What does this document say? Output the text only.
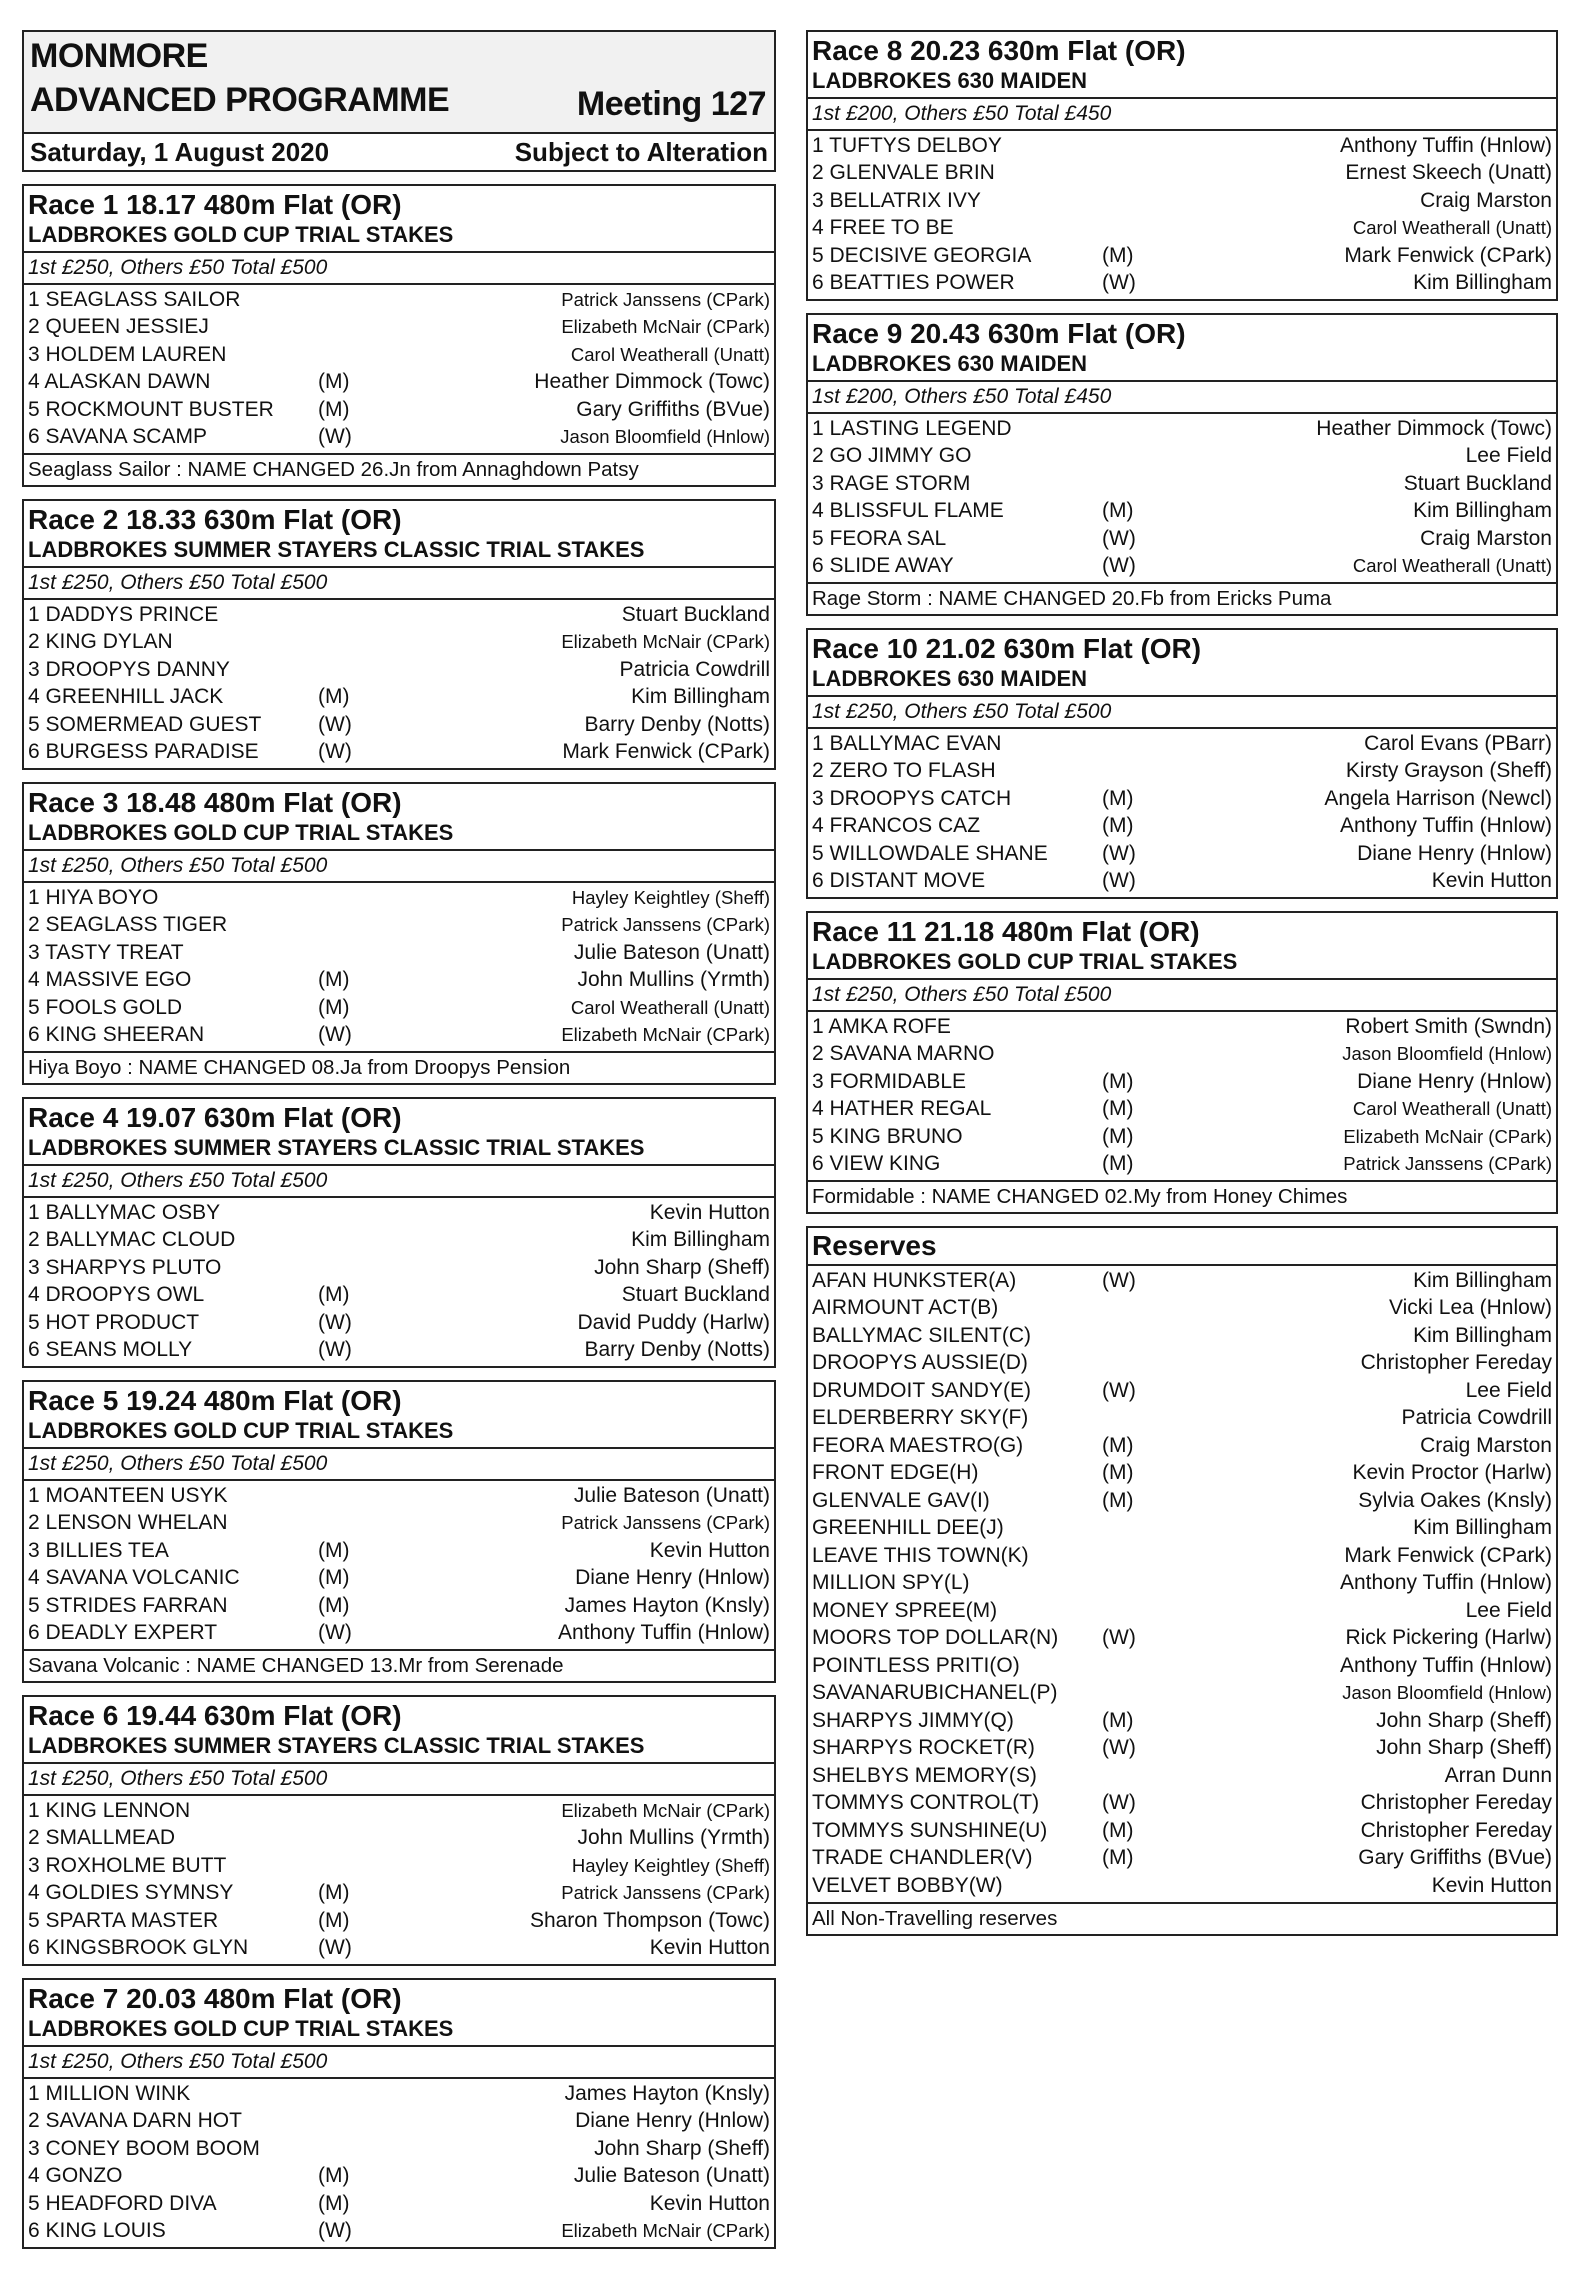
MONMORE
ADVANCED PROGRAMME	Meeting 127
Saturday, 1 August 2020	Subject to Alteration
Race 1 18.17 480m Flat (OR)
LADBROKES GOLD CUP TRIAL STAKES
1st £250, Others £50 Total £500
1 SEAGLASS SAILOR	Patrick Janssens (CPark)
2 QUEEN JESSIEJ	Elizabeth McNair (CPark)
3 HOLDEM LAUREN	Carol Weatherall (Unatt)
4 ALASKAN DAWN	(M)	Heather Dimmock (Towc)
5 ROCKMOUNT BUSTER	(M)	Gary Griffiths (BVue)
6 SAVANA SCAMP	(W)	Jason Bloomfield (Hnlow)
Seaglass Sailor : NAME CHANGED 26.Jn from Annaghdown Patsy
Race 2 18.33 630m Flat (OR)
LADBROKES SUMMER STAYERS CLASSIC TRIAL STAKES
1st £250, Others £50 Total £500
1 DADDYS PRINCE	Stuart Buckland
2 KING DYLAN	Elizabeth McNair (CPark)
3 DROOPYS DANNY	Patricia Cowdrill
4 GREENHILL JACK	(M)	Kim Billingham
5 SOMERMEAD GUEST	(W)	Barry Denby (Notts)
6 BURGESS PARADISE	(W)	Mark Fenwick (CPark)
Race 3 18.48 480m Flat (OR)
LADBROKES GOLD CUP TRIAL STAKES
1st £250, Others £50 Total £500
1 HIYA BOYO	Hayley Keightley (Sheff)
2 SEAGLASS TIGER	Patrick Janssens (CPark)
3 TASTY TREAT	Julie Bateson (Unatt)
4 MASSIVE EGO	(M)	John Mullins (Yrmth)
5 FOOLS GOLD	(M)	Carol Weatherall (Unatt)
6 KING SHEERAN	(W)	Elizabeth McNair (CPark)
Hiya Boyo : NAME CHANGED 08.Ja from Droopys Pension
Race 4 19.07 630m Flat (OR)
LADBROKES SUMMER STAYERS CLASSIC TRIAL STAKES
1st £250, Others £50 Total £500
1 BALLYMAC OSBY	Kevin Hutton
2 BALLYMAC CLOUD	Kim Billingham
3 SHARPYS PLUTO	John Sharp (Sheff)
4 DROOPYS OWL	(M)	Stuart Buckland
5 HOT PRODUCT	(W)	David Puddy (Harlw)
6 SEANS MOLLY	(W)	Barry Denby (Notts)
Race 5 19.24 480m Flat (OR)
LADBROKES GOLD CUP TRIAL STAKES
1st £250, Others £50 Total £500
1 MOANTEEN USYK	Julie Bateson (Unatt)
2 LENSON WHELAN	Patrick Janssens (CPark)
3 BILLIES TEA	(M)	Kevin Hutton
4 SAVANA VOLCANIC	(M)	Diane Henry (Hnlow)
5 STRIDES FARRAN	(M)	James Hayton (Knsly)
6 DEADLY EXPERT	(W)	Anthony Tuffin (Hnlow)
Savana Volcanic : NAME CHANGED 13.Mr from Serenade
Race 6 19.44 630m Flat (OR)
LADBROKES SUMMER STAYERS CLASSIC TRIAL STAKES
1st £250, Others £50 Total £500
1 KING LENNON	Elizabeth McNair (CPark)
2 SMALLMEAD	John Mullins (Yrmth)
3 ROXHOLME BUTT	Hayley Keightley (Sheff)
4 GOLDIES SYMNSY	(M)	Patrick Janssens (CPark)
5 SPARTA MASTER	(M)	Sharon Thompson (Towc)
6 KINGSBROOK GLYN	(W)	Kevin Hutton
Race 7 20.03 480m Flat (OR)
LADBROKES GOLD CUP TRIAL STAKES
1st £250, Others £50 Total £500
1 MILLION WINK	James Hayton (Knsly)
2 SAVANA DARN HOT	Diane Henry (Hnlow)
3 CONEY BOOM BOOM	John Sharp (Sheff)
4 GONZO	(M)	Julie Bateson (Unatt)
5 HEADFORD DIVA	(M)	Kevin Hutton
6 KING LOUIS	(W)	Elizabeth McNair (CPark)
Race 8 20.23 630m Flat (OR)
LADBROKES 630 MAIDEN
1st £200, Others £50 Total £450
1 TUFTYS DELBOY	Anthony Tuffin (Hnlow)
2 GLENVALE BRIN	Ernest Skeech (Unatt)
3 BELLATRIX IVY	Craig Marston
4 FREE TO BE	Carol Weatherall (Unatt)
5 DECISIVE GEORGIA	(M)	Mark Fenwick (CPark)
6 BEATTIES POWER	(W)	Kim Billingham
Race 9 20.43 630m Flat (OR)
LADBROKES 630 MAIDEN
1st £200, Others £50 Total £450
1 LASTING LEGEND	Heather Dimmock (Towc)
2 GO JIMMY GO	Lee Field
3 RAGE STORM	Stuart Buckland
4 BLISSFUL FLAME	(M)	Kim Billingham
5 FEORA SAL	(W)	Craig Marston
6 SLIDE AWAY	(W)	Carol Weatherall (Unatt)
Rage Storm : NAME CHANGED 20.Fb from Ericks Puma
Race 10 21.02 630m Flat (OR)
LADBROKES 630 MAIDEN
1st £250, Others £50 Total £500
1 BALLYMAC EVAN	Carol Evans (PBarr)
2 ZERO TO FLASH	Kirsty Grayson (Sheff)
3 DROOPYS CATCH	(M)	Angela Harrison (Newcl)
4 FRANCOS CAZ	(M)	Anthony Tuffin (Hnlow)
5 WILLOWDALE SHANE	(W)	Diane Henry (Hnlow)
6 DISTANT MOVE	(W)	Kevin Hutton
Race 11 21.18 480m Flat (OR)
LADBROKES GOLD CUP TRIAL STAKES
1st £250, Others £50 Total £500
1 AMKA ROFE	Robert Smith (Swndn)
2 SAVANA MARNO	Jason Bloomfield (Hnlow)
3 FORMIDABLE	(M)	Diane Henry (Hnlow)
4 HATHER REGAL	(M)	Carol Weatherall (Unatt)
5 KING BRUNO	(M)	Elizabeth McNair (CPark)
6 VIEW KING	(M)	Patrick Janssens (CPark)
Formidable : NAME CHANGED 02.My from Honey Chimes
Reserves
AFAN HUNKSTER(A)	(W)	Kim Billingham
AIRMOUNT ACT(B)	Vicki Lea (Hnlow)
BALLYMAC SILENT(C)	Kim Billingham
DROOPYS AUSSIE(D)	Christopher Fereday
DRUMDOIT SANDY(E)	(W)	Lee Field
ELDERBERRY SKY(F)	Patricia Cowdrill
FEORA MAESTRO(G)	(M)	Craig Marston
FRONT EDGE(H)	(M)	Kevin Proctor (Harlw)
GLENVALE GAV(I)	(M)	Sylvia Oakes (Knsly)
GREENHILL DEE(J)	Kim Billingham
LEAVE THIS TOWN(K)	Mark Fenwick (CPark)
MILLION SPY(L)	Anthony Tuffin (Hnlow)
MONEY SPREE(M)	Lee Field
MOORS TOP DOLLAR(N)	(W)	Rick Pickering (Harlw)
POINTLESS PRITI(O)	Anthony Tuffin (Hnlow)
SAVANARUBICHANEL(P)	Jason Bloomfield (Hnlow)
SHARPYS JIMMY(Q)	(M)	John Sharp (Sheff)
SHARPYS ROCKET(R)	(W)	John Sharp (Sheff)
SHELBYS MEMORY(S)	Arran Dunn
TOMMYS CONTROL(T)	(W)	Christopher Fereday
TOMMYS SUNSHINE(U)	(M)	Christopher Fereday
TRADE CHANDLER(V)	(M)	Gary Griffiths (BVue)
VELVET BOBBY(W)	Kevin Hutton
All Non-Travelling reserves
